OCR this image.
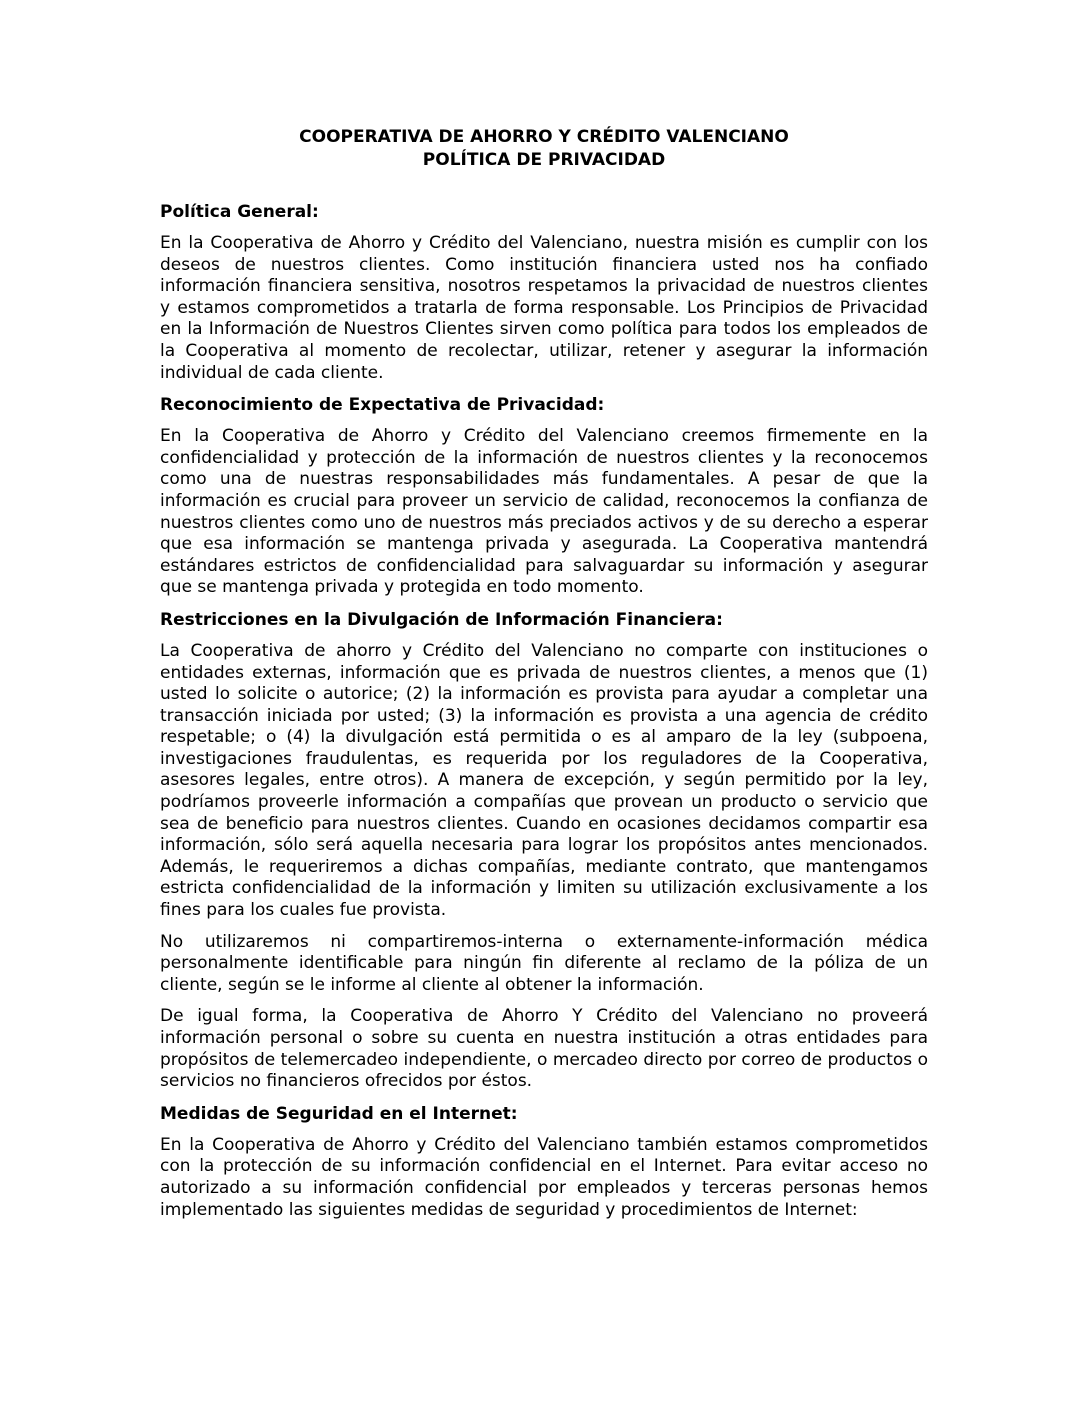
COOPERATIVA DE AHORRO Y CRÉDITO VALENCIANO
POLÍTICA DE PRIVACIDAD
Política General:

En la Cooperativa de Ahorro y Crédito del Valenciano, nuestra misión es cumplir con los deseos de nuestros clientes. Como institución financiera usted nos ha confiado información financiera sensitiva, nosotros respetamos la privacidad de nuestros clientes y estamos comprometidos a tratarla de forma responsable. Los Principios de Privacidad en la Información de Nuestros Clientes sirven como política para todos los empleados de la Cooperativa al momento de recolectar, utilizar, retener y asegurar la información individual de cada cliente.

Reconocimiento de Expectativa de Privacidad:

En la Cooperativa de Ahorro y Crédito del Valenciano creemos firmemente en la confidencialidad y protección de la información de nuestros clientes y la reconocemos como una de nuestras responsabilidades más fundamentales. A pesar de que la información es crucial para proveer un servicio de calidad, reconocemos la confianza de nuestros clientes como uno de nuestros más preciados activos y de su derecho a esperar que esa información se mantenga privada y asegurada. La Cooperativa mantendrá estándares estrictos de confidencialidad para salvaguardar su información y asegurar que se mantenga privada y protegida en todo momento.

Restricciones en la Divulgación de Información Financiera:

La Cooperativa de ahorro y Crédito del Valenciano no comparte con instituciones o entidades externas, información que es privada de nuestros clientes, a menos que (1) usted lo solicite o autorice; (2) la información es provista para ayudar a completar una transacción iniciada por usted; (3) la información es provista a una agencia de crédito respetable; o (4) la divulgación está permitida o es al amparo de la ley (subpoena, investigaciones fraudulentas, es requerida por los reguladores de la Cooperativa, asesores legales, entre otros). A manera de excepción, y según permitido por la ley, podríamos proveerle información a compañías que provean un producto o servicio que sea de beneficio para nuestros clientes. Cuando en ocasiones decidamos compartir esa información, sólo será aquella necesaria para lograr los propósitos antes mencionados. Además, le requeriremos a dichas compañías, mediante contrato, que mantengamos estricta confidencialidad de la información y limiten su utilización exclusivamente a los fines para los cuales fue provista.

No utilizaremos ni compartiremos-interna o externamente-información médica personalmente identificable para ningún fin diferente al reclamo de la póliza de un cliente, según se le informe al cliente al obtener la información.

De igual forma, la Cooperativa de Ahorro Y Crédito del Valenciano no proveerá información personal o sobre su cuenta en nuestra institución a otras entidades para propósitos de telemercadeo independiente, o mercadeo directo por correo de productos o servicios no financieros ofrecidos por éstos.

Medidas de Seguridad en el Internet:

En la Cooperativa de Ahorro y Crédito del Valenciano también estamos comprometidos con la protección de su información confidencial en el Internet. Para evitar acceso no autorizado a su información confidencial por empleados y terceras personas hemos implementado las siguientes medidas de seguridad y procedimientos de Internet:
